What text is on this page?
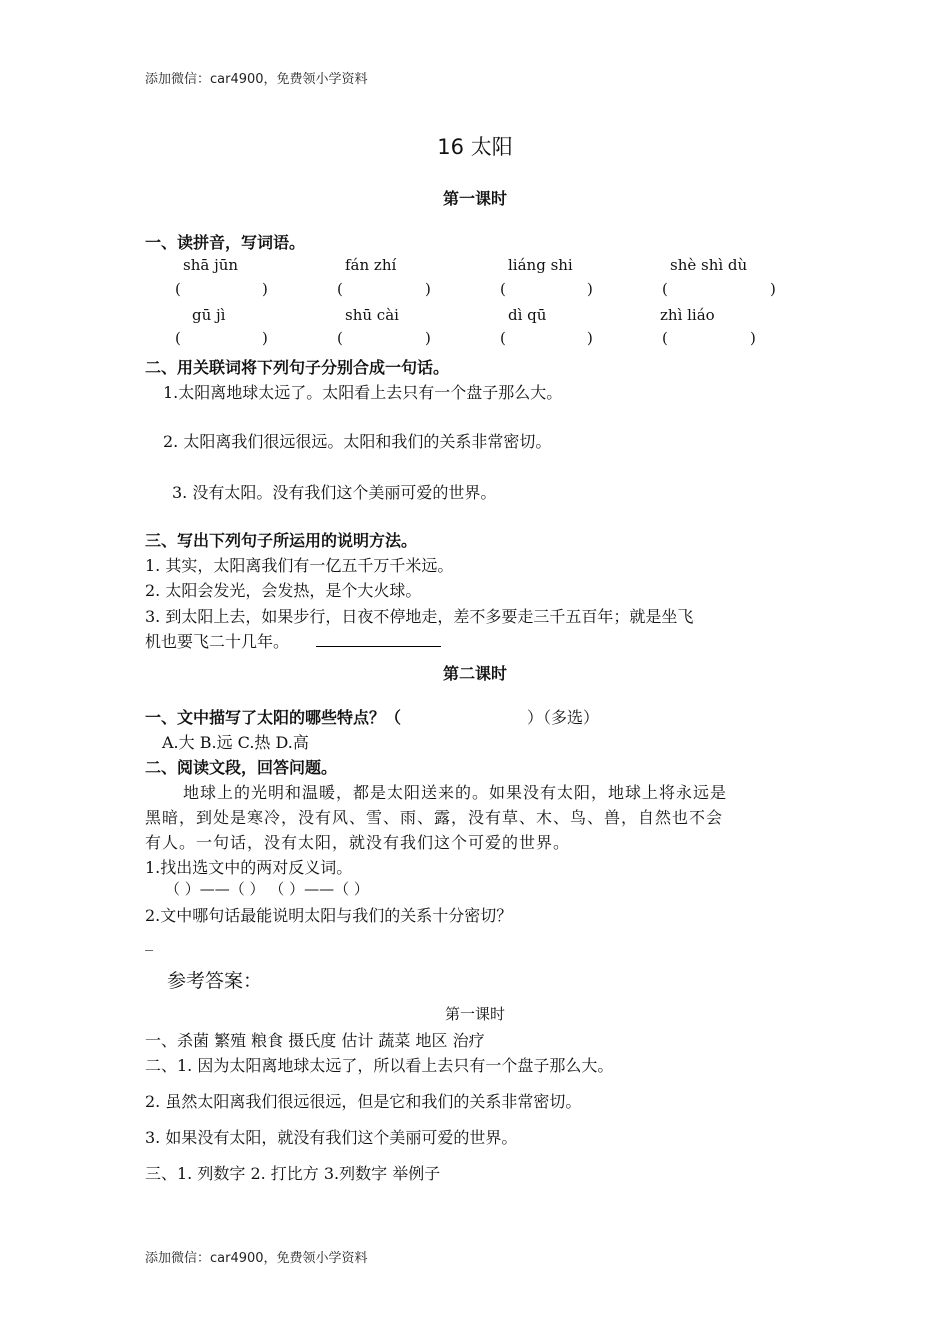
添加微信：car4900，免费领小学资料
16 太阳
第一课时
一、读拼音，写词语。
shā jūn	fán zhí	liáng shi	shè shì dù
(	)	(	)	(	)	(	)
gū jì	shū cài	dì qū	zhì liáo
(	)	(	)	(	)	(	)
二、用关联词将下列句子分别合成一句话。
1.太阳离地球太远了。太阳看上去只有一个盘子那么大。
2. 太阳离我们很远很远。太阳和我们的关系非常密切。
3. 没有太阳。没有我们这个美丽可爱的世界。
三、写出下列句子所运用的说明方法。
1. 其实，太阳离我们有一亿五千万千米远。
2. 太阳会发光，会发热，是个大火球。
3. 到太阳上去，如果步行，日夜不停地走，差不多要走三千五百年；就是坐飞
机也要飞二十几年。
第二课时
一、文中描写了太阳的哪些特点？（	）（多选）
A.大 B.远 C.热 D.高
二、阅读文段，回答问题。
地球上的光明和温暖，都是太阳送来的。如果没有太阳，地球上将永远是
黑暗，到处是寒冷，没有风、雪、雨、露，没有草、木、鸟、兽，自然也不会
有人。一句话，没有太阳，就没有我们这个可爱的世界。
1.找出选文中的两对反义词。
（ ）——（ ） （ ）——（ ）
2.文中哪句话最能说明太阳与我们的关系十分密切？
_
参考答案：
第一课时
一、杀菌 繁殖 粮食 摄氏度 估计 蔬菜 地区 治疗
二、1. 因为太阳离地球太远了，所以看上去只有一个盘子那么大。
2. 虽然太阳离我们很远很远，但是它和我们的关系非常密切。
3. 如果没有太阳，就没有我们这个美丽可爱的世界。
三、1. 列数字 2. 打比方 3.列数字 举例子
添加微信：car4900，免费领小学资料
